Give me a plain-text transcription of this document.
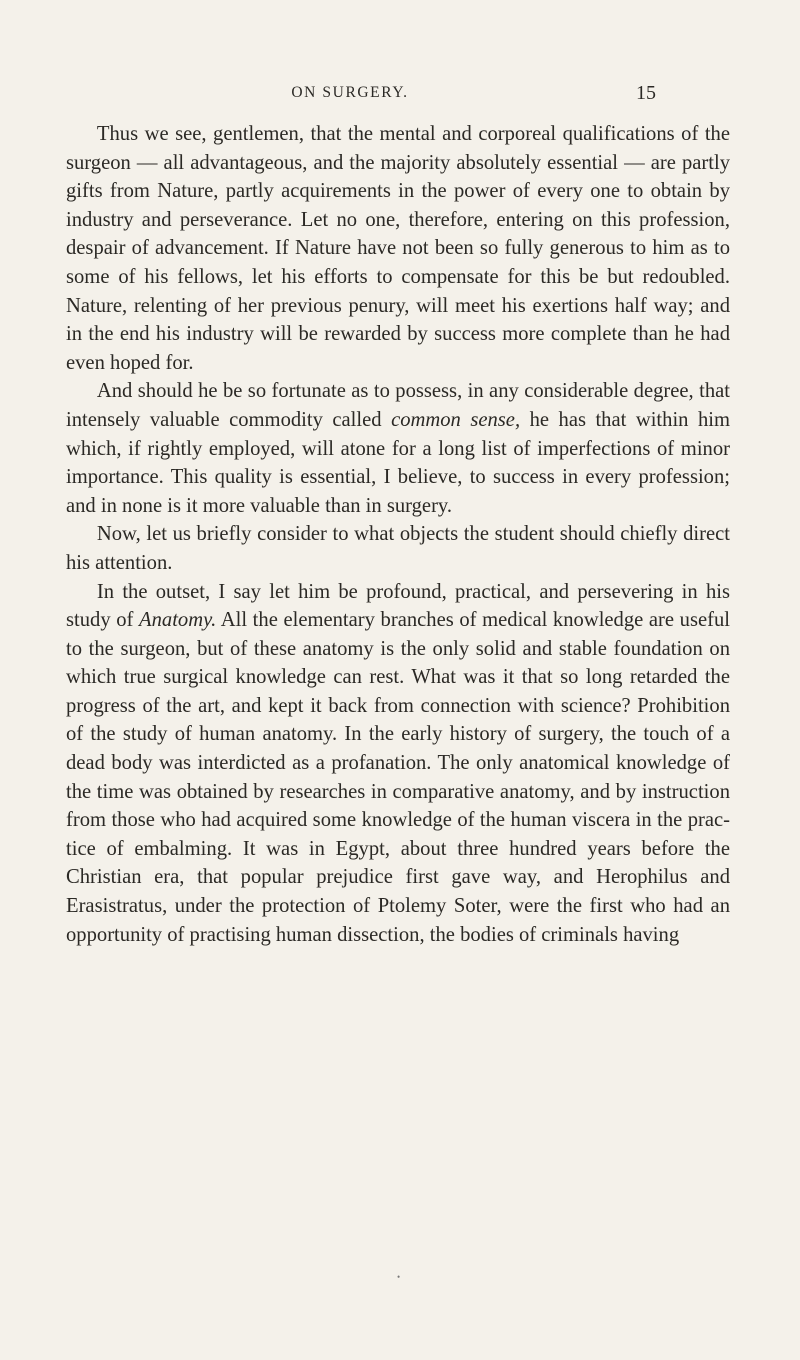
ON SURGERY.	15

Thus we see, gentlemen, that the mental and corporeal qualifications of the surgeon — all advantageous, and the majority absolutely essential — are partly gifts from Nature, partly acquirements in the power of every one to obtain by industry and perseverance. Let no one, therefore, entering on this profession, despair of advancement. If Nature have not been so fully generous to him as to some of his fellows, let his efforts to compensate for this be but redoubled. Nature, relenting of her previous penury, will meet his exertions half way; and in the end his industry will be rewarded by success more complete than he had even hoped for.

And should he be so fortunate as to possess, in any considerable degree, that intensely valuable commodity called common sense, he has that within him which, if rightly employed, will atone for a long list of imperfections of minor importance. This quality is essential, I believe, to success in every profession; and in none is it more valuable than in surgery.

Now, let us briefly consider to what objects the student should chiefly direct his attention.

In the outset, I say let him be profound, practical, and persevering in his study of Anatomy. All the elementary branches of medical knowledge are useful to the surgeon, but of these anatomy is the only solid and stable foundation on which true surgical knowledge can rest. What was it that so long retarded the progress of the art, and kept it back from connection with science? Prohibition of the study of human anatomy. In the early history of surgery, the touch of a dead body was interdicted as a profanation. The only anatomical knowledge of the time was obtained by researches in comparative anatomy, and by instruction from those who had acquired some knowledge of the human viscera in the practice of embalming. It was in Egypt, about three hundred years before the Christian era, that popular prejudice first gave way, and Herophilus and Erasistratus, under the protection of Ptolemy Soter, were the first who had an opportunity of practising human dissection, the bodies of criminals having

•
